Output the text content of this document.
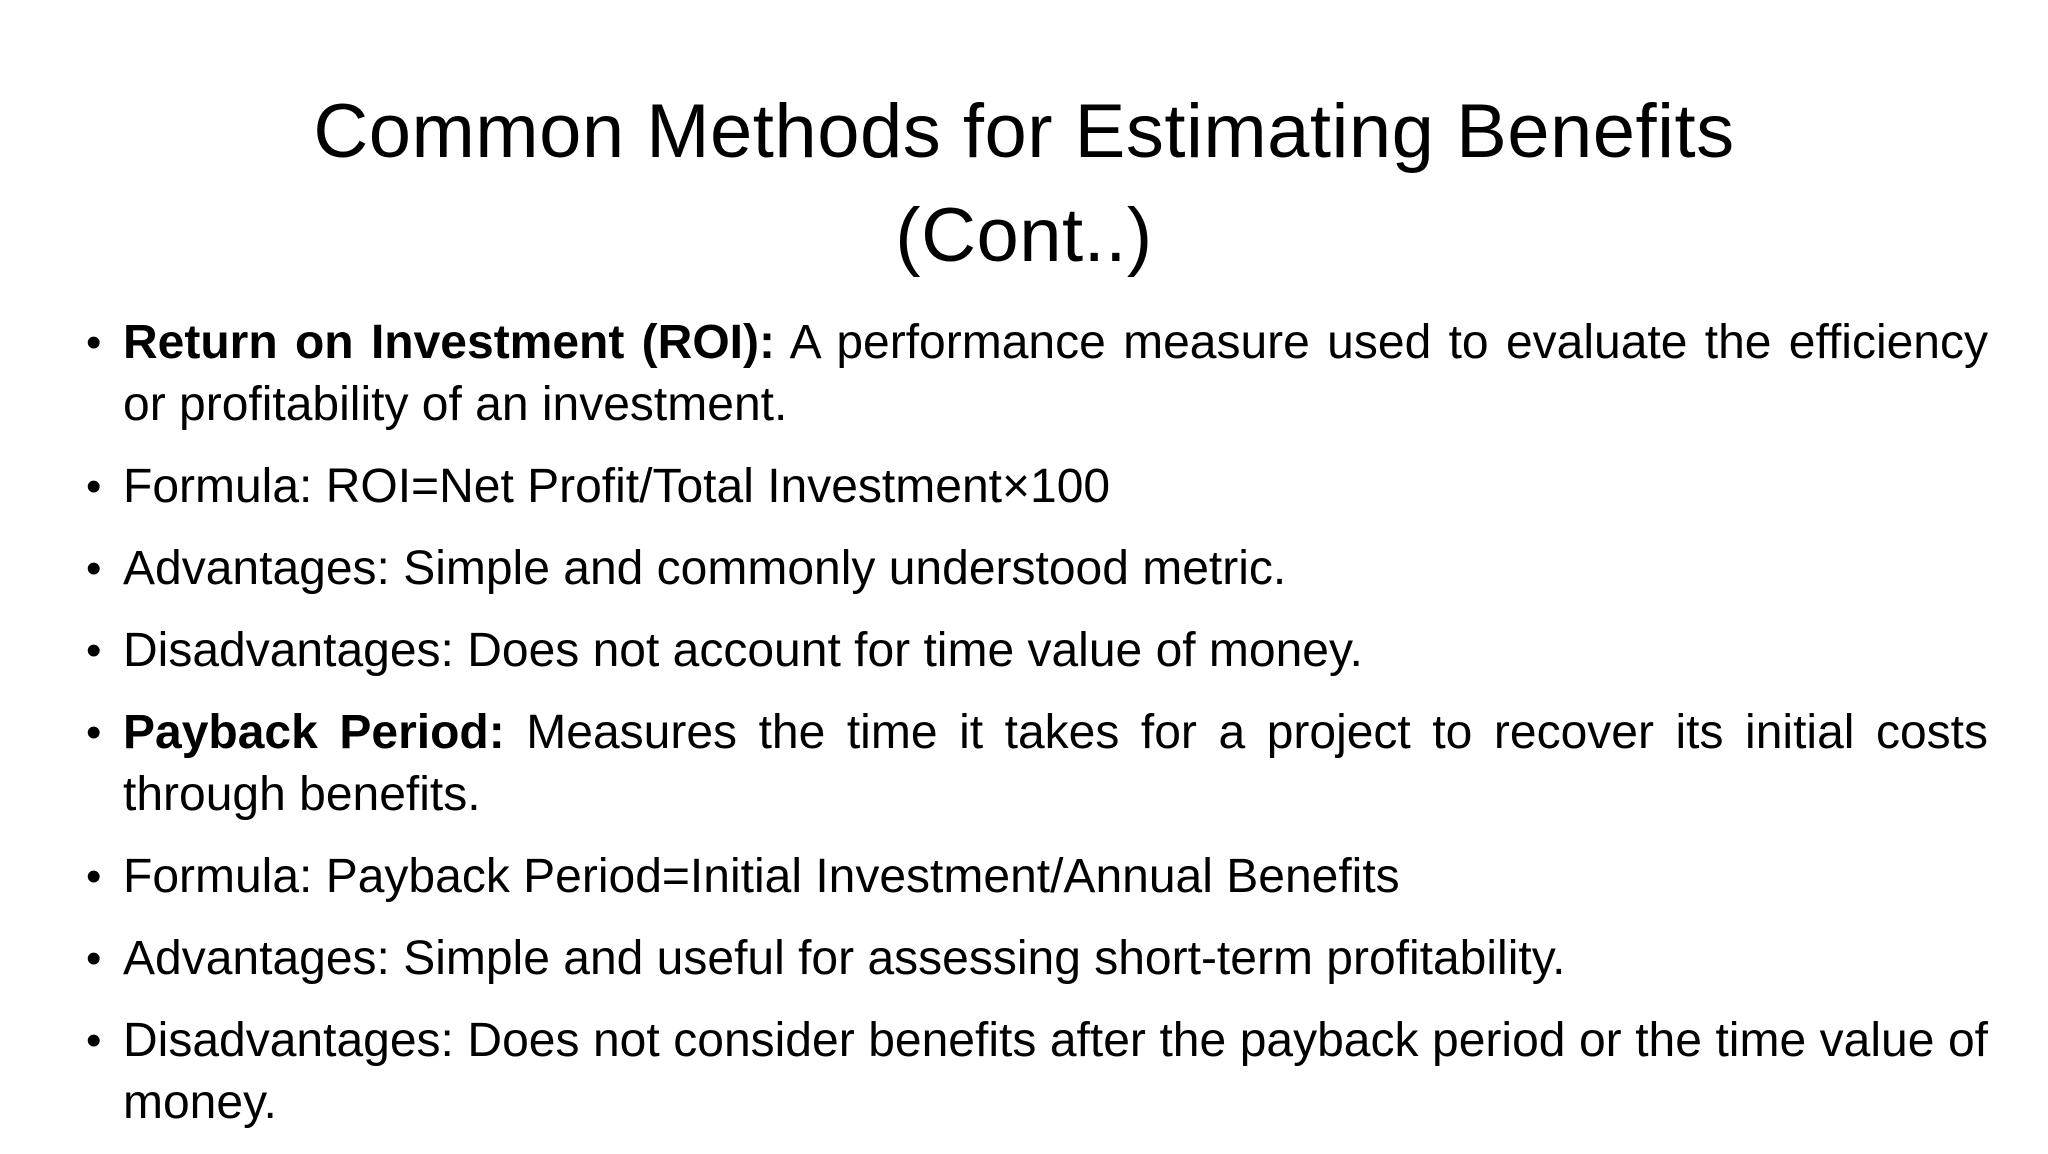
Common Methods for Estimating Benefits
(Cont..)
• Return on Investment (ROI): A performance measure used to evaluate the efficiency or profitability of an investment.
• Formula: ROI=Net Profit/Total Investment×100
• Advantages: Simple and commonly understood metric.
• Disadvantages: Does not account for time value of money.
• Payback Period: Measures the time it takes for a project to recover its initial costs through benefits.
• Formula: Payback Period=Initial Investment/Annual Benefits
• Advantages: Simple and useful for assessing short-term profitability.
• Disadvantages: Does not consider benefits after the payback period or the time value of money.
